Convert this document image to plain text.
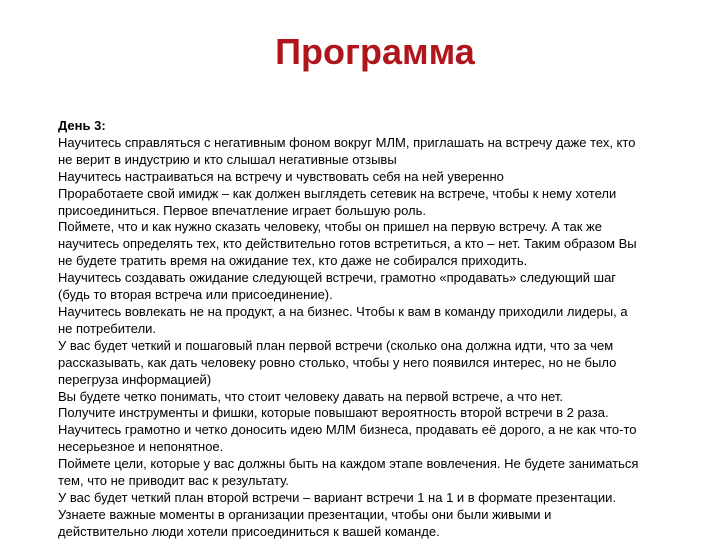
Программа

День 3:

Научитесь справляться с негативным фоном вокруг МЛМ, приглашать на встречу даже тех, кто

не верит в индустрию и кто слышал негативные отзывы

Научитесь настраиваться на встречу и чувствовать себя на ней уверенно

Проработаете свой имидж – как должен выглядеть сетевик на встрече, чтобы к нему хотели

присоединиться. Первое впечатление играет большую роль.

Поймете, что и как нужно сказать человеку, чтобы он пришел на первую встречу. А так же

научитесь определять тех, кто действительно готов встретиться, а кто – нет. Таким образом Вы

не будете тратить время на ожидание тех, кто даже не собирался приходить.

Научитесь создавать ожидание следующей встречи, грамотно «продавать» следующий шаг

(будь то вторая встреча или присоединение).

Научитесь вовлекать не на продукт, а на бизнес. Чтобы к вам в команду приходили лидеры, а

не потребители.

У вас будет четкий и пошаговый план первой встречи (сколько она должна идти, что за чем

рассказывать, как дать человеку ровно столько, чтобы у него появился интерес, но не было

перегруза информацией)

Вы будете четко понимать, что стоит человеку давать на первой встрече, а что нет.

Получите инструменты и фишки, которые повышают вероятность второй встречи в 2 раза.

Научитесь грамотно и четко доносить идею МЛМ бизнеса, продавать её дорого, а не как что-то

несерьезное и непонятное.

Поймете цели, которые у вас должны быть на каждом этапе вовлечения. Не будете заниматься

тем, что не приводит вас к результату.

У вас будет четкий план второй встречи – вариант встречи 1 на 1 и в формате презентации.

Узнаете важные моменты в организации презентации, чтобы они были живыми и

действительно люди хотели присоединиться к вашей команде.
